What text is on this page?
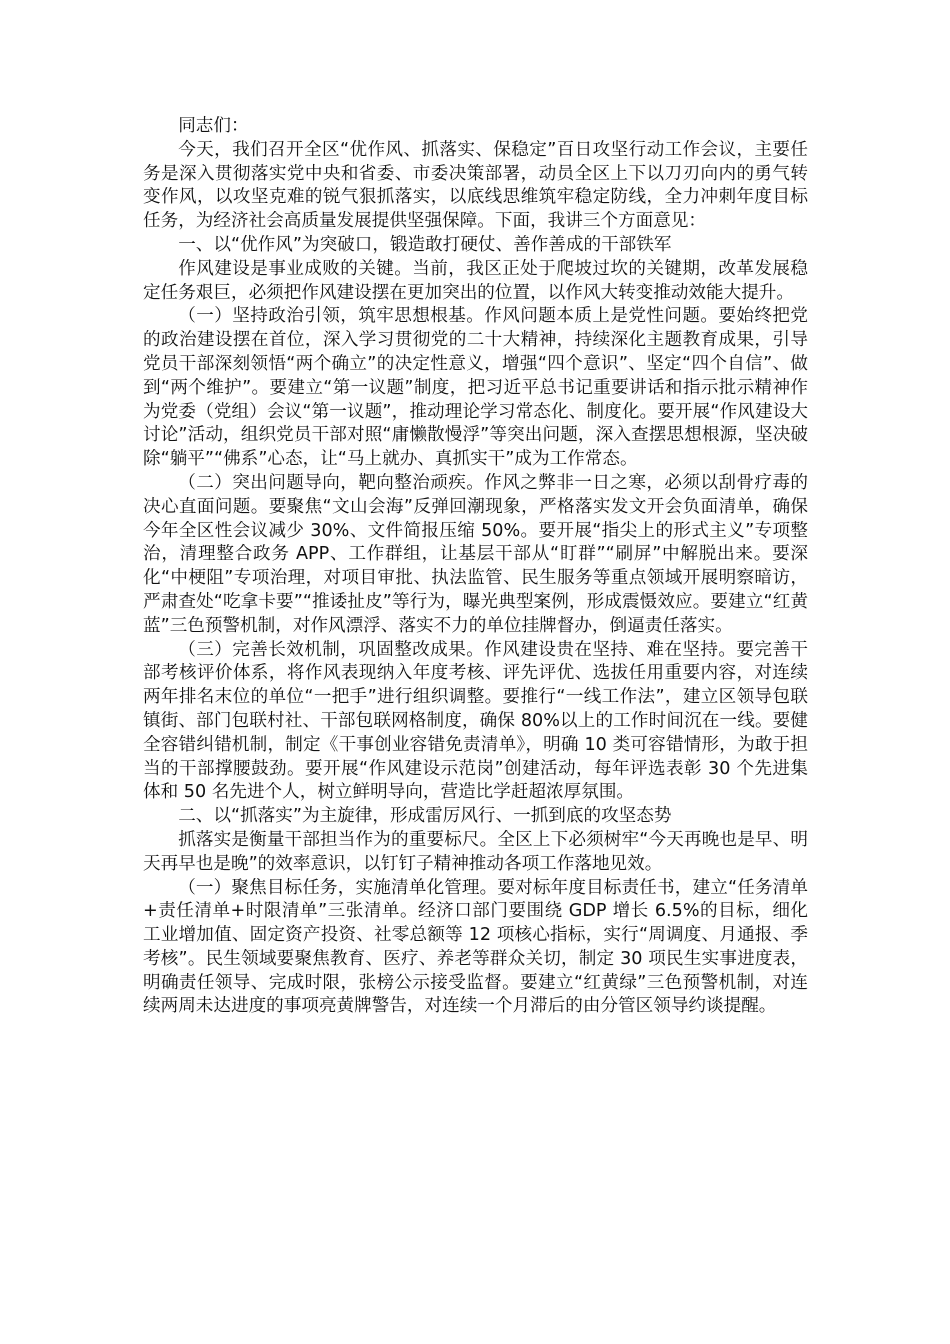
同志们：

今天，我们召开全区“优作风、抓落实、保稳定”百日攻坚行动工作会议，主要任务是深入贯彻落实党中央和省委、市委决策部署，动员全区上下以刀刃向内的勇气转变作风，以攻坚克难的锐气狠抓落实，以底线思维筑牢稳定防线，全力冲刺年度目标任务，为经济社会高质量发展提供坚强保障。下面，我讲三个方面意见：

一、以“优作风”为突破口，锻造敢打硬仗、善作善成的干部铁军

作风建设是事业成败的关键。当前，我区正处于爬坡过坎的关键期，改革发展稳定任务艰巨，必须把作风建设摆在更加突出的位置，以作风大转变推动效能大提升。

（一）坚持政治引领，筑牢思想根基。作风问题本质上是党性问题。要始终把党的政治建设摆在首位，深入学习贯彻党的二十大精神，持续深化主题教育成果，引导党员干部深刻领悟“两个确立”的决定性意义，增强“四个意识”、坚定“四个自信”、做到“两个维护”。要建立“第一议题”制度，把习近平总书记重要讲话和指示批示精神作为党委（党组）会议“第一议题”，推动理论学习常态化、制度化。要开展“作风建设大讨论”活动，组织党员干部对照“庸懒散慢浮”等突出问题，深入查摆思想根源，坚决破除“躺平”“佛系”心态，让“马上就办、真抓实干”成为工作常态。

（二）突出问题导向，靶向整治顽疾。作风之弊非一日之寒，必须以刮骨疗毒的决心直面问题。要聚焦“文山会海”反弹回潮现象，严格落实发文开会负面清单，确保今年全区性会议减少 30%、文件简报压缩 50%。要开展“指尖上的形式主义”专项整治，清理整合政务 APP、工作群组，让基层干部从“盯群”“刷屏”中解脱出来。要深化“中梗阻”专项治理，对项目审批、执法监管、民生服务等重点领域开展明察暗访，严肃查处“吃拿卡要”“推诿扯皮”等行为，曝光典型案例，形成震慑效应。要建立“红黄蓝”三色预警机制，对作风漂浮、落实不力的单位挂牌督办，倒逼责任落实。

（三）完善长效机制，巩固整改成果。作风建设贵在坚持、难在坚持。要完善干部考核评价体系，将作风表现纳入年度考核、评先评优、选拔任用重要内容，对连续两年排名末位的单位“一把手”进行组织调整。要推行“一线工作法”，建立区领导包联镇街、部门包联村社、干部包联网格制度，确保 80%以上的工作时间沉在一线。要健全容错纠错机制，制定《干事创业容错免责清单》，明确 10 类可容错情形，为敢于担当的干部撑腰鼓劲。要开展“作风建设示范岗”创建活动，每年评选表彰 30 个先进集体和 50 名先进个人，树立鲜明导向，营造比学赶超浓厚氛围。

二、以“抓落实”为主旋律，形成雷厉风行、一抓到底的攻坚态势

抓落实是衡量干部担当作为的重要标尺。全区上下必须树牢“今天再晚也是早、明天再早也是晚”的效率意识，以钉钉子精神推动各项工作落地见效。

（一）聚焦目标任务，实施清单化管理。要对标年度目标责任书，建立“任务清单+责任清单+时限清单”三张清单。经济口部门要围绕 GDP 增长 6.5%的目标，细化工业增加值、固定资产投资、社零总额等 12 项核心指标，实行“周调度、月通报、季考核”。民生领域要聚焦教育、医疗、养老等群众关切，制定 30 项民生实事进度表，明确责任领导、完成时限，张榜公示接受监督。要建立“红黄绿”三色预警机制，对连续两周未达进度的事项亮黄牌警告，对连续一个月滞后的由分管区领导约谈提醒。
